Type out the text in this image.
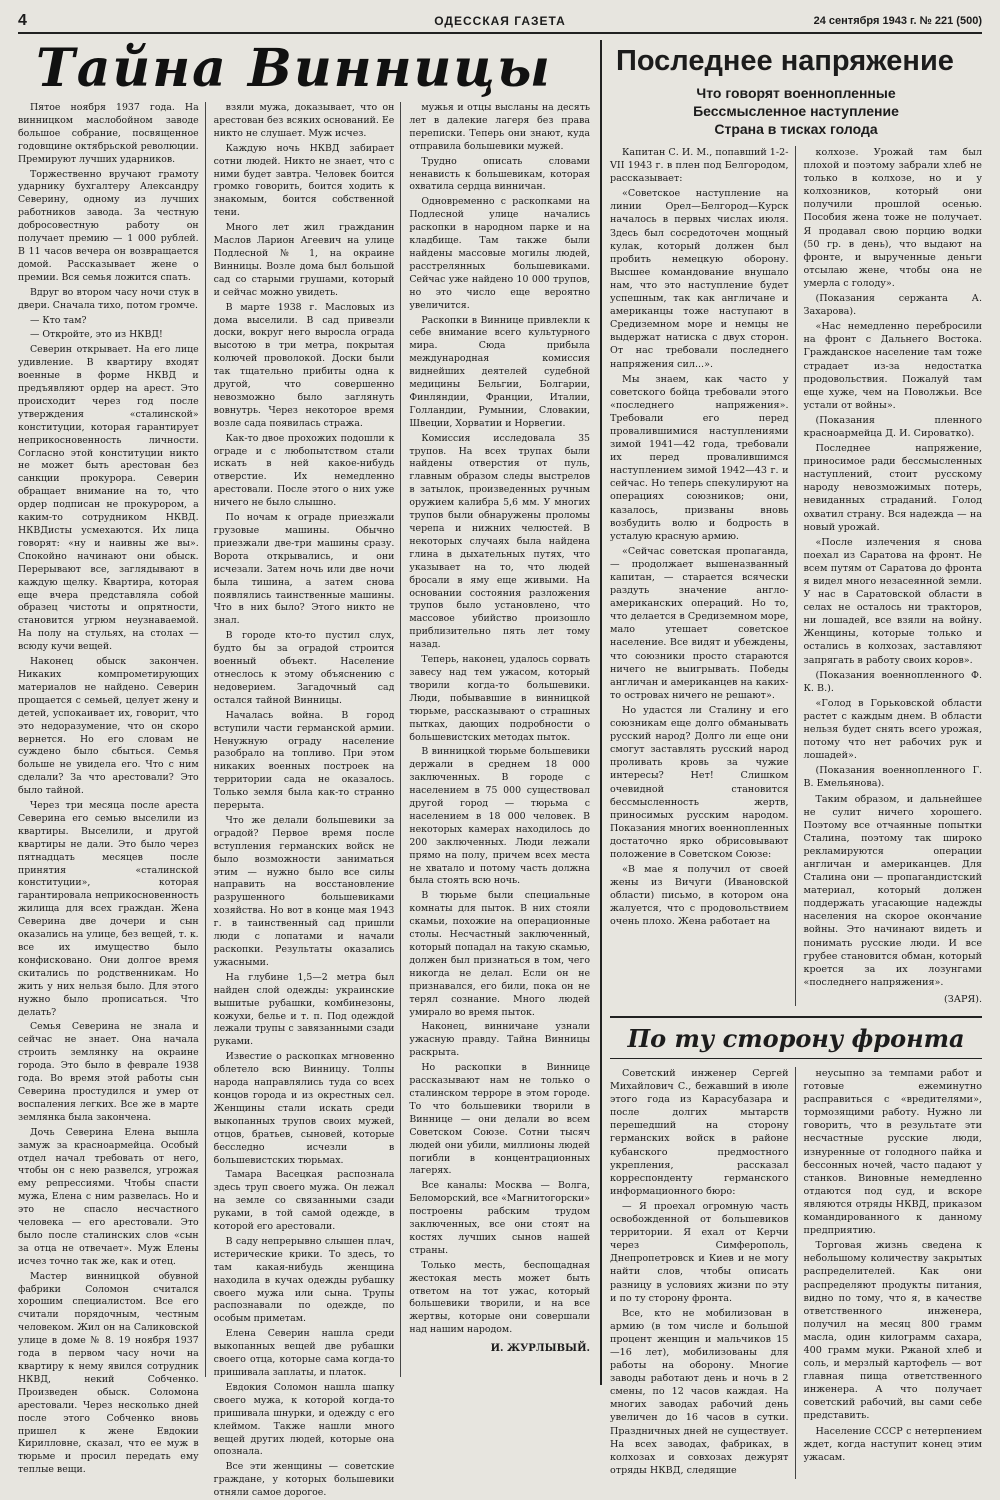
4	ОДЕССКАЯ ГАЗЕТА	24 сентября 1943 г. № 221 (500)
Тайна Винницы

Пятое ноября 1937 года. На винницком маслобойном заводе большое собрание, посвященное годовщине октябрьской революции. Премируют лучших ударников.

Торжественно вручают грамоту ударнику бухгалтеру Александру Северину, одному из лучших работников завода. За честную добросовестную работу он получает премию — 1 000 рублей. В 11 часов вечера он возвращается домой. Рассказывает жене о премии. Вся семья ложится спать.

Вдруг во втором часу ночи стук в двери. Сначала тихо, потом громче.

— Кто там?

— Откройте, это из НКВД!

Северин открывает. На его лице удивление. В квартиру входят военные в форме НКВД и предъявляют ордер на арест. Это происходит через год после утверждения «сталинской» конституции, которая гарантирует неприкосновенность личности. Согласно этой конституции никто не может быть арестован без санкции прокурора. Северин обращает внимание на то, что ордер подписан не прокурором, а каким-то сотрудником НКВД. НКВДисты усмехаются. Их лица говорят: «ну и наивны же вы». Спокойно начинают они обыск. Перерывают все, заглядывают в каждую щелку. Квартира, которая еще вчера представляла собой образец чистоты и опрятности, становится угрюм неузнаваемой. На полу на стульях, на столах — всюду кучи вещей.

Наконец обыск закончен. Никаких компрометирующих материалов не найдено. Северин прощается с семьей, целует жену и детей, успокаивает их, говорит, что это недоразумение, что он скоро вернется. Но его словам не суждено было сбыться. Семья больше не увидела его. Что с ним сделали? За что арестовали? Это было тайной.

Через три месяца после ареста Северина его семью выселили из квартиры. Выселили, и другой квартиры не дали. Это было через пятнадцать месяцев после принятия «сталинской конституции», которая гарантировала неприкосновенность жилища для всех граждан. Жена Северина две дочери и сын оказались на улице, без вещей, т. к. все их имущество было конфисковано. Они долгое время скитались по родственникам. Но жить у них нельзя было. Для этого нужно было прописаться. Что делать?

Семья Северина не знала и сейчас не знает. Она начала строить землянку на окраине города. Это было в феврале 1938 года. Во время этой работы сын Северина простудился и умер от воспаления легких. Все же в марте землянка была закончена.

Дочь Северина Елена вышла замуж за красноармейца. Особый отдел начал требовать от него, чтобы он с нею развелся, угрожая ему репрессиями. Чтобы спасти мужа, Елена с ним развелась. Но и это не спасло несчастного человека — его арестовали. Это было после сталинских слов «сын за отца не отвечает». Муж Елены исчез точно так же, как и отец.

Мастер винницкой обувной фабрики Соломон считался хорошим специалистом. Все его считали порядочным, честным человеком. Жил он на Саликовской улице в доме № 8. 19 ноября 1937 года в первом часу ночи на квартиру к нему явился сотрудник НКВД, некий Собченко. Произведен обыск. Соломона арестовали. Через несколько дней после этого Собченко вновь пришел к жене Евдокии Кирилловне, сказал, что ее муж в тюрьме и просил передать ему теплые вещи.

взяли мужа, доказывает, что он арестован без всяких оснований. Ее никто не слушает. Муж исчез.

Каждую ночь НКВД забирает сотни людей. Никто не знает, что с ними будет завтра. Человек боится громко говорить, боится ходить к знакомым, боится собственной тени.

Много лет жил гражданин Маслов Ларион Агеевич на улице Подлесной № 1, на окраине Винницы. Возле дома был большой сад со старыми грушами, который и сейчас можно увидеть.

В марте 1938 г. Масловых из дома выселили. В сад привезли доски, вокруг него выросла ограда высотою в три метра, покрытая колючей проволокой. Доски были так тщательно прибиты одна к другой, что совершенно невозможно было заглянуть вовнутрь. Через некоторое время возле сада появилась стража.

Как-то двое прохожих подошли к ограде и с любопытством стали искать в ней какое-нибудь отверстие. Их немедленно арестовали. После этого о них уже ничего не было слышно.

По ночам к ограде приезжали грузовые машины. Обычно приезжали две-три машины сразу. Ворота открывались, и они исчезали. Затем ночь или две ночи была тишина, а затем снова появлялись таинственные машины. Что в них было? Этого никто не знал.

В городе кто-то пустил слух, будто бы за оградой строится военный объект. Население отнеслось к этому объяснению с недоверием. Загадочный сад остался тайной Винницы.

Началась война. В город вступили части германской армии. Ненужную ограду население разобрало на топливо. При этом никаких военных построек на территории сада не оказалось. Только земля была как-то странно перерыта.

Что же делали большевики за оградой? Первое время после вступления германских войск не было возможности заниматься этим — нужно было все силы направить на восстановление разрушенного большевиками хозяйства. Но вот в конце мая 1943 г. в таинственный сад пришли люди с лопатами и начали раскопки. Результаты оказались ужасными.

На глубине 1,5—2 метра был найден слой одежды: украинские вышитые рубашки, комбинезоны, кожухи, белье и т. п. Под одеждой лежали трупы с завязанными сзади руками.

Известие о раскопках мгновенно облетело всю Винницу. Толпы народа направлялись туда со всех концов города и из окрестных сел. Женщины стали искать среди выкопанных трупов своих мужей, отцов, братьев, сыновей, которые бесследно исчезли в большевистских тюрьмах.

Тамара Васецкая распознала здесь труп своего мужа. Он лежал на земле со связанными сзади руками, в той самой одежде, в которой его арестовали.

В саду непрерывно слышен плач, истерические крики. То здесь, то там какая-нибудь женщина находила в кучах одежды рубашку своего мужа или сына. Трупы распознавали по одежде, по особым приметам.

Елена Северин нашла среди выкопанных вещей две рубашки своего отца, которые сама когда-то пришивала заплаты, и платок.

Евдокия Соломон нашла шапку своего мужа, к которой когда-то пришивала шнурки, и одежду с его клеймом. Также нашли много вещей других людей, которые она опознала.

Все эти женщины — советские граждане, у которых большевики отняли самое дорогое.

мужья и отцы высланы на десять лет в далекие лагеря без права переписки. Теперь они знают, куда отправила большевики мужей.

Трудно описать словами ненависть к большевикам, которая охватила сердца винничан.

Одновременно с раскопками на Подлесной улице начались раскопки в народном парке и на кладбище. Там также были найдены массовые могилы людей, расстрелянных большевиками. Сейчас уже найдено 10 000 трупов, но это число еще вероятно увеличится.

Раскопки в Виннице привлекли к себе внимание всего культурного мира. Сюда прибыла международная комиссия виднейших деятелей судебной медицины Бельгии, Болгарии, Финляндии, Франции, Италии, Голландии, Румынии, Словакии, Швеции, Хорватии и Норвегии.

Комиссия исследовала 35 трупов. На всех трупах были найдены отверстия от пуль, главным образом следы выстрелов в затылок, произведенных ручным оружием калибра 5,6 мм. У многих трупов были обнаружены проломы черепа и нижних челюстей. В некоторых случаях была найдена глина в дыхательных путях, что указывает на то, что людей бросали в яму еще живыми. На основании состояния разложения трупов было установлено, что массовое убийство произошло приблизительно пять лет тому назад.

Теперь, наконец, удалось сорвать завесу над тем ужасом, который творили когда-то большевики. Люди, побывавшие в винницкой тюрьме, рассказывают о страшных пытках, дающих подробности о большевистских методах пыток.

В винницкой тюрьме большевики держали в среднем 18 000 заключенных. В городе с населением в 75 000 существовал другой город — тюрьма с населением в 18 000 человек. В некоторых камерах находилось до 200 заключенных. Люди лежали прямо на полу, причем всех места не хватало и потому часть должна была стоять всю ночь.

В тюрьме были специальные комнаты для пыток. В них стояли скамьи, похожие на операционные столы. Несчастный заключенный, который попадал на такую скамью, должен был признаться в том, чего никогда не делал. Если он не признавался, его били, пока он не терял сознание. Много людей умирало во время пыток.

Наконец, винничане узнали ужасную правду. Тайна Винницы раскрыта.

Но раскопки в Виннице рассказывают нам не только о сталинском терроре в этом городе. То что большевики творили в Виннице — они делали во всем Советском Союзе. Сотни тысяч людей они убили, миллионы людей погибли в концентрационных лагерях.

Все каналы: Москва — Волга, Беломорский, все «Магнитогорски» построены рабским трудом заключенных, все они стоят на костях лучших сынов нашей страны.

Только месть, беспощадная жестокая месть может быть ответом на тот ужас, который большевики творили, и на все жертвы, которые они совершали над нашим народом.

И. ЖУРЛЫВЫЙ.
Последнее напряжение
Что говорят военнопленные
Бессмысленное наступление
Страна в тисках голода

Капитан С. И. М., попавший 1-2-VII 1943 г. в плен под Белгородом, рассказывает:

«Советское наступление на линии Орел—Белгород—Курск началось в первых числах июля. Здесь был сосредоточен мощный кулак, который должен был пробить немецкую оборону. Высшее командование внушало нам, что это наступление будет успешным, так как англичане и американцы тоже наступают в Средиземном море и немцы не выдержат натиска с двух сторон. От нас требовали последнего напряжения сил...».

Мы знаем, как часто у советского бойца требовали этого «последнего напряжения». Требовали его перед провалившимися наступлениями зимой 1941—42 года, требовали их перед провалившимся наступлением зимой 1942—43 г. и сейчас. Но теперь спекулируют на операциях союзников; они, казалось, призваны вновь возбудить волю и бодрость в усталую красную армию.

«Сейчас советская пропаганда, — продолжает вышеназванный капитан, — старается всячески раздуть значение англо-американских операций. Но то, что делается в Средиземном море, мало утешает советское население. Все видят и убеждены, что союзники просто стараются ничего не выигрывать. Победы англичан и американцев на каких-то островах ничего не решают».

Но удастся ли Сталину и его союзникам еще долго обманывать русский народ? Долго ли еще они смогут заставлять русский народ проливать кровь за чужие интересы? Нет! Слишком очевидной становится бессмысленность жертв, приносимых русским народом. Показания многих военнопленных достаточно ярко обрисовывают положение в Советском Союзе:

«В мае я получил от своей жены из Вичуги (Ивановской области) письмо, в котором она жалуется, что с продовольствием очень плохо. Жена работает на

колхозе. Урожай там был плохой и поэтому забрали хлеб не только в колхозе, но и у колхозников, который они получили прошлой осенью. Пособия жена тоже не получает. Я продавал свою порцию водки (50 гр. в день), что выдают на фронте, и вырученные деньги отсылаю жене, чтобы она не умерла с голоду».

(Показания сержанта А. Захарова).

«Нас немедленно перебросили на фронт с Дальнего Востока. Гражданское население там тоже страдает из-за недостатка продовольствия. Пожалуй там еще хуже, чем на Поволжьи. Все устали от войны».

(Показания пленного красноармейца Д. И. Сироватко).

Последнее напряжение, приносимое ради бессмысленных наступлений, стоит русскому народу невозможимых потерь, невиданных страданий. Голод охватил страну. Вся надежда — на новый урожай.

«После излечения я снова поехал из Саратова на фронт. Не всем путям от Саратова до фронта я видел много незасеянной земли. У нас в Саратовской области в селах не осталось ни тракторов, ни лошадей, все взяли на войну. Женщины, которые только и остались в колхозах, заставляют запрягать в работу своих коров».

(Показания военнопленного Ф. К. В.).

«Голод в Горьковской области растет с каждым днем. В области нельзя будет снять всего урожая, потому что нет рабочих рук и лошадей».

(Показания военнопленного Г. В. Емельянова).

Таким образом, и дальнейшее не сулит ничего хорошего. Поэтому все отчаянные попытки Сталина, поэтому так широко рекламируются операции англичан и американцев. Для Сталина они — пропагандистский материал, который должен поддержать угасающие надежды населения на скорое окончание войны. Это начинают видеть и понимать русские люди. И все грубее становится обман, который кроется за их лозунгами «последнего напряжения».

(ЗАРЯ).
По ту сторону фронта

Советский инженер Сергей Михайлович С., бежавший в июле этого года из Карасубазара и после долгих мытарств перешедший на сторону германских войск в районе кубанского предмостного укрепления, рассказал корреспонденту германского информационного бюро:

— Я проехал огромную часть освобожденной от большевиков территории. Я ехал от Керчи через Симферополь, Днепропетровск и Киев и не могу найти слов, чтобы описать разницу в условиях жизни по эту и по ту сторону фронта.

Все, кто не мобилизован в армию (в том числе и большой процент женщин и мальчиков 15—16 лет), мобилизованы для работы на оборону. Многие заводы работают день и ночь в 2 смены, по 12 часов каждая. На многих заводах рабочий день увеличен до 16 часов в сутки. Праздничных дней не существует. На всех заводах, фабриках, в колхозах и совхозах дежурят отряды НКВД, следящие

неусыпно за темпами работ и готовые ежеминутно расправиться с «вредителями», тормозящими работу. Нужно ли говорить, что в результате эти несчастные русские люди, изнуренные от голодного пайка и бессонных ночей, часто падают у станков. Виновные немедленно отдаются под суд, и вскоре являются отряды НКВД, приказом командированного к данному предприятию.

Торговая жизнь сведена к небольшому количеству закрытых распределителей. Как они распределяют продукты питания, видно по тому, что я, в качестве ответственного инженера, получил на месяц 800 грамм масла, один килограмм сахара, 400 грамм муки. Ржаной хлеб и соль, и мерзлый картофель — вот главная пища ответственного инженера. А что получает советский рабочий, вы сами себе представить.

Население СССР с нетерпением ждет, когда наступит конец этим ужасам.
